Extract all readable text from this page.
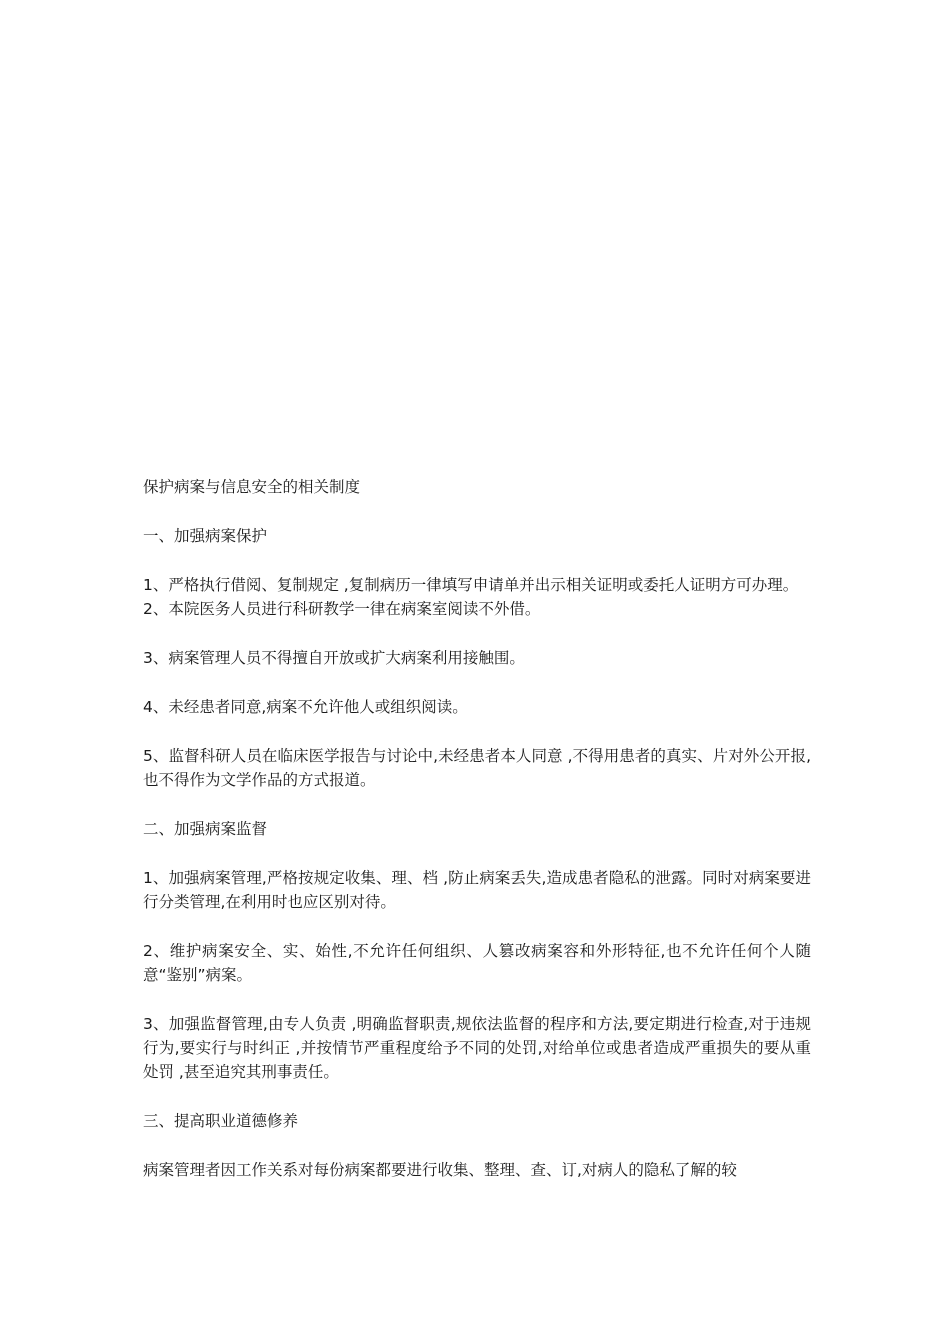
保护病案与信息安全的相关制度

一、加强病案保护

1、严格执行借阅、复制规定 ,复制病历一律填写申请单并出示相关证明或委托人证明方可办理。

2、本院医务人员进行科研教学一律在病案室阅读不外借。

3、病案管理人员不得擅自开放或扩大病案利用接触围。

4、未经患者同意,病案不允许他人或组织阅读。

5、监督科研人员在临床医学报告与讨论中,未经患者本人同意 ,不得用患者的真实、片对外公开报,也不得作为文学作品的方式报道。

二、加强病案监督

1、加强病案管理,严格按规定收集、理、档 ,防止病案丢失,造成患者隐私的泄露。同时对病案要进行分类管理,在利用时也应区别对待。

2、维护病案安全、实、始性,不允许任何组织、人篡改病案容和外形特征,也不允许任何个人随意“鉴别”病案。

3、加强监督管理,由专人负责 ,明确监督职责,规依法监督的程序和方法,要定期进行检查,对于违规行为,要实行与时纠正 ,并按情节严重程度给予不同的处罚,对给单位或患者造成严重损失的要从重处罚 ,甚至追究其刑事责任。

三、提高职业道德修养

病案管理者因工作关系对每份病案都要进行收集、整理、查、订,对病人的隐私了解的较
